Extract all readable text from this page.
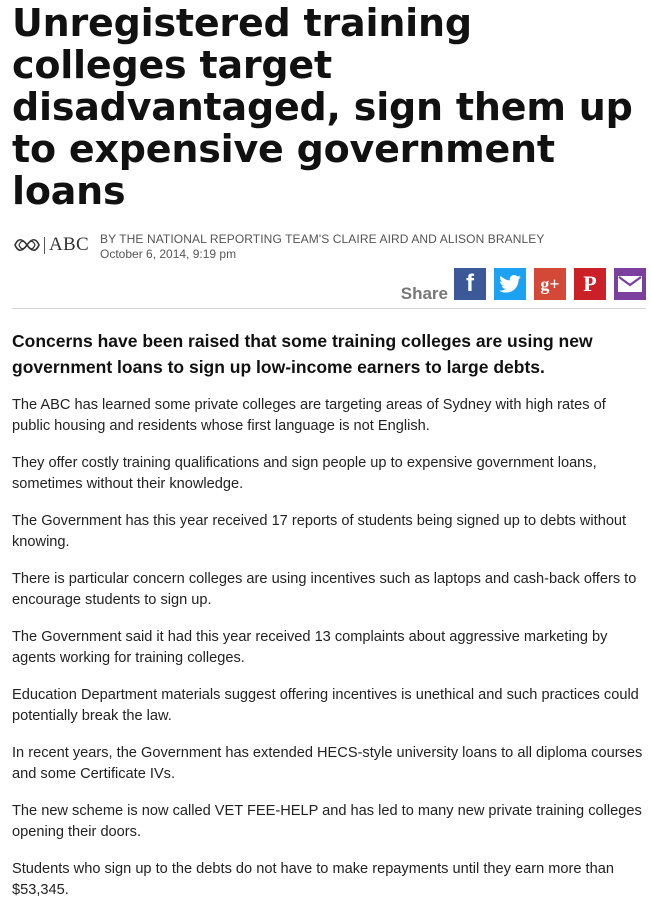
Unregistered training colleges target disadvantaged, sign them up to expensive government loans
ABC BY THE NATIONAL REPORTING TEAM'S CLAIRE AIRD AND ALISON BRANLEY
October 6, 2014, 9:19 pm
Share f	g+	P

Concerns have been raised that some training colleges are using new government loans to sign up low-income earners to large debts.

The ABC has learned some private colleges are targeting areas of Sydney with high rates of public housing and residents whose first language is not English.

They offer costly training qualifications and sign people up to expensive government loans, sometimes without their knowledge.

The Government has this year received 17 reports of students being signed up to debts without knowing.

There is particular concern colleges are using incentives such as laptops and cash-back offers to encourage students to sign up.

The Government said it had this year received 13 complaints about aggressive marketing by agents working for training colleges.

Education Department materials suggest offering incentives is unethical and such practices could potentially break the law.

In recent years, the Government has extended HECS-style university loans to all diploma courses and some Certificate IVs.

The new scheme is now called VET FEE-HELP and has led to many new private training colleges opening their doors.

Students who sign up to the debts do not have to make repayments until they earn more than $53,345.
